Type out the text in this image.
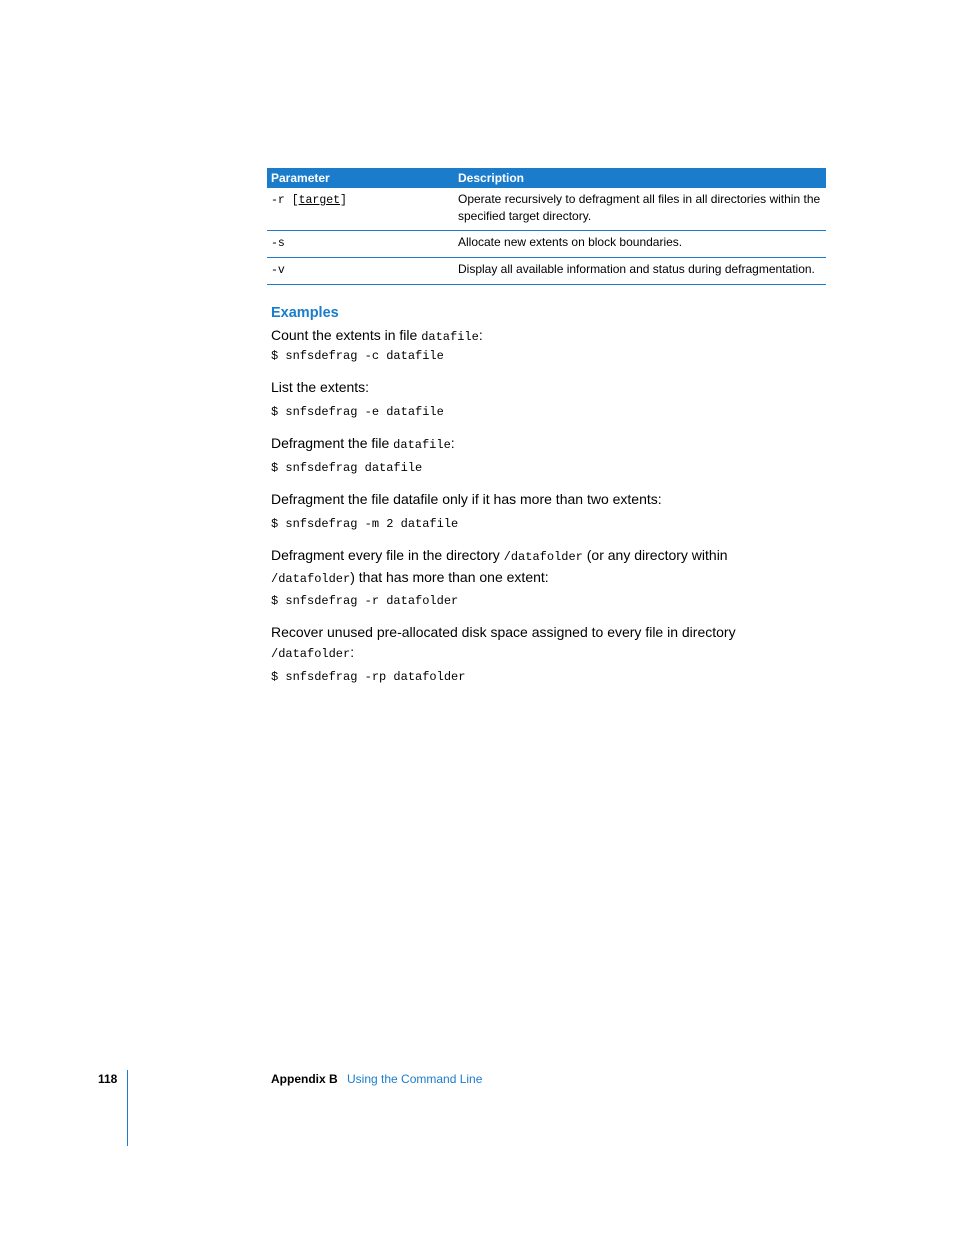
Parameter	Description
-r [target]	Operate recursively to defragment all files in all directories within the specified target directory.
-s	Allocate new extents on block boundaries.
-v	Display all available information and status during defragmentation.
Examples

Count the extents in file datafile:

$ snfsdefrag -c datafile

List the extents:

$ snfsdefrag -e datafile

Defragment the file datafile:

$ snfsdefrag datafile

Defragment the file datafile only if it has more than two extents:

$ snfsdefrag -m 2 datafile

Defragment every file in the directory /datafolder (or any directory within /datafolder) that has more than one extent:

$ snfsdefrag -r datafolder

Recover unused pre-allocated disk space assigned to every file in directory /datafolder:

$ snfsdefrag -rp datafolder
118	Appendix B Using the Command Line
